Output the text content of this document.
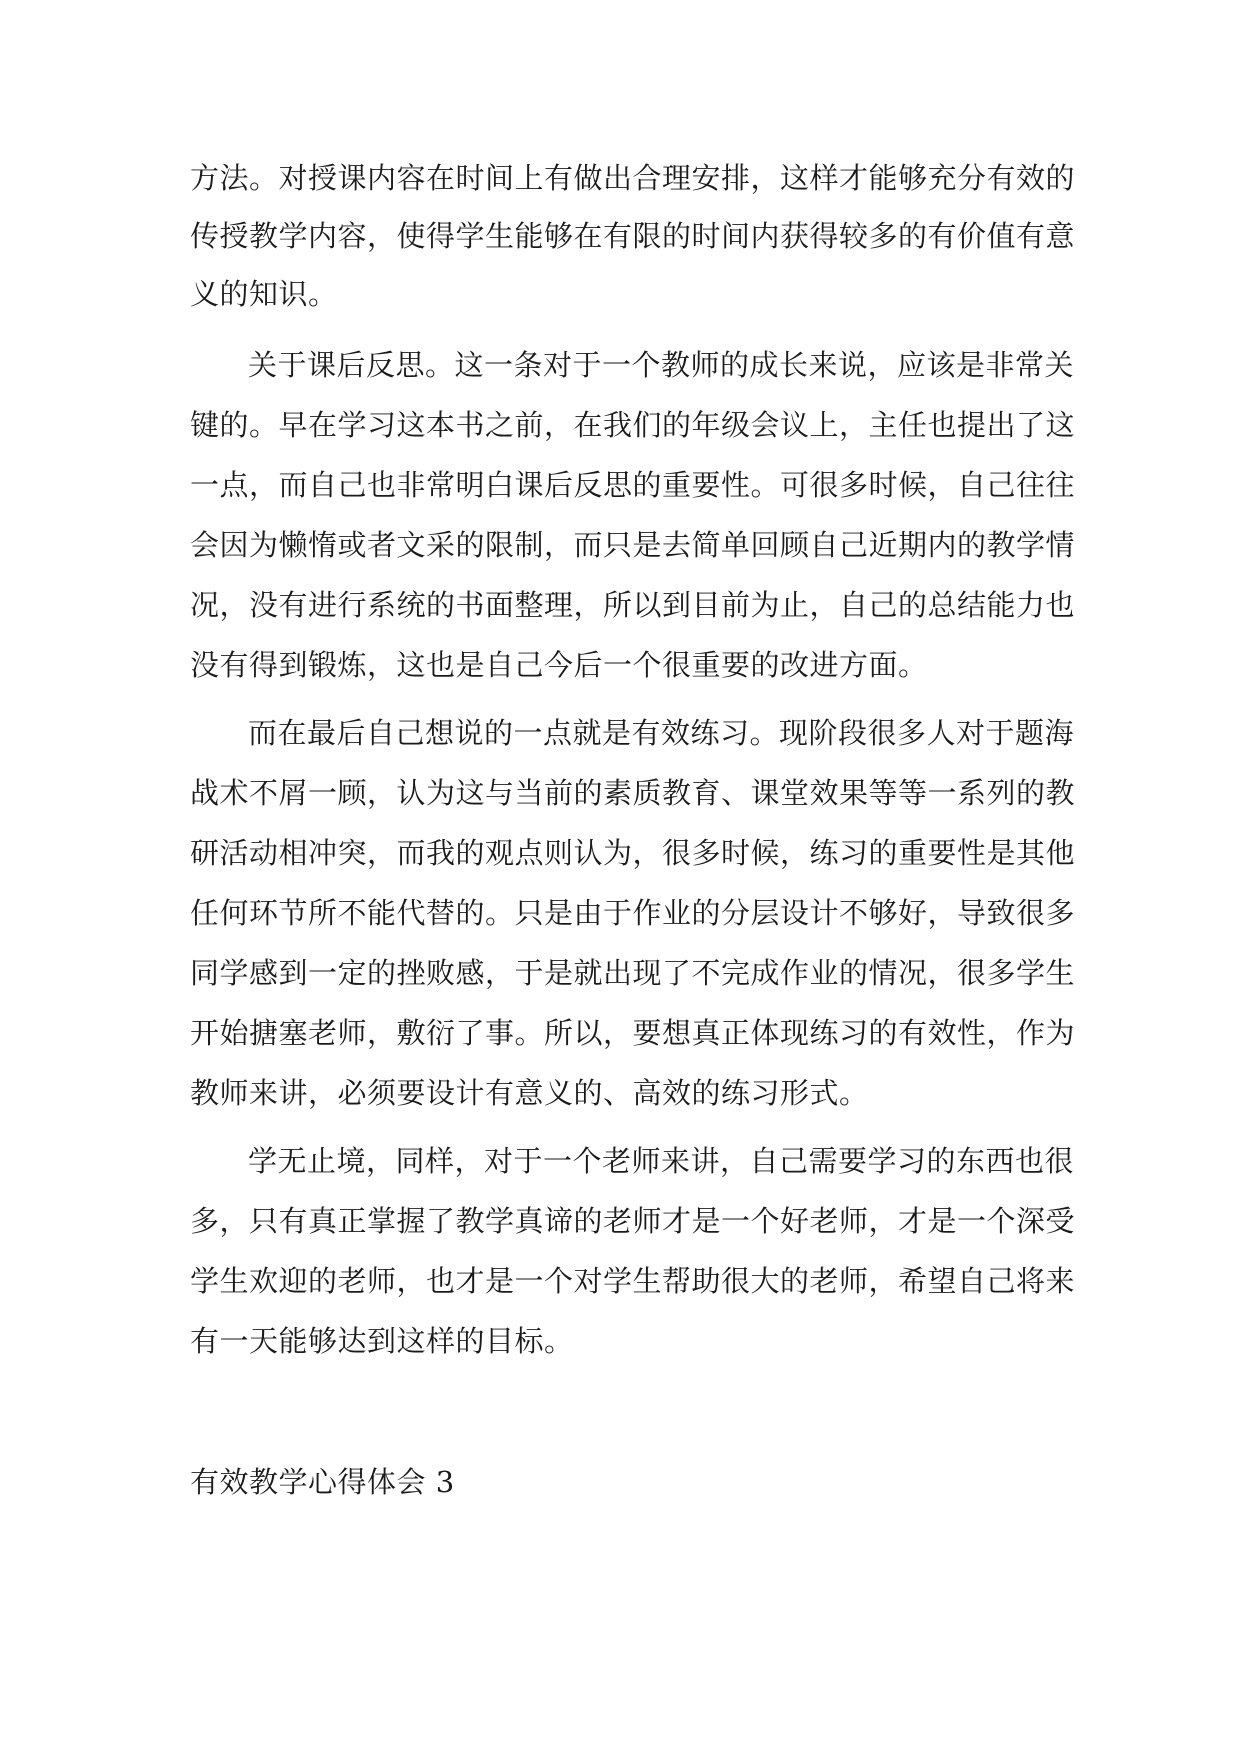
方法。对授课内容在时间上有做出合理安排，这样才能够充分有效的
传授教学内容，使得学生能够在有限的时间内获得较多的有价值有意
义的知识。
关于课后反思。这一条对于一个教师的成长来说，应该是非常关
键的。早在学习这本书之前，在我们的年级会议上，主任也提出了这
一点，而自己也非常明白课后反思的重要性。可很多时候，自己往往
会因为懒惰或者文采的限制，而只是去简单回顾自己近期内的教学情
况，没有进行系统的书面整理，所以到目前为止，自己的总结能力也
没有得到锻炼，这也是自己今后一个很重要的改进方面。
而在最后自己想说的一点就是有效练习。现阶段很多人对于题海
战术不屑一顾，认为这与当前的素质教育、课堂效果等等一系列的教
研活动相冲突，而我的观点则认为，很多时候，练习的重要性是其他
任何环节所不能代替的。只是由于作业的分层设计不够好，导致很多
同学感到一定的挫败感，于是就出现了不完成作业的情况，很多学生
开始搪塞老师，敷衍了事。所以，要想真正体现练习的有效性，作为
教师来讲，必须要设计有意义的、高效的练习形式。
学无止境，同样，对于一个老师来讲，自己需要学习的东西也很
多，只有真正掌握了教学真谛的老师才是一个好老师，才是一个深受
学生欢迎的老师，也才是一个对学生帮助很大的老师，希望自己将来
有一天能够达到这样的目标。
有效教学心得体会 3
